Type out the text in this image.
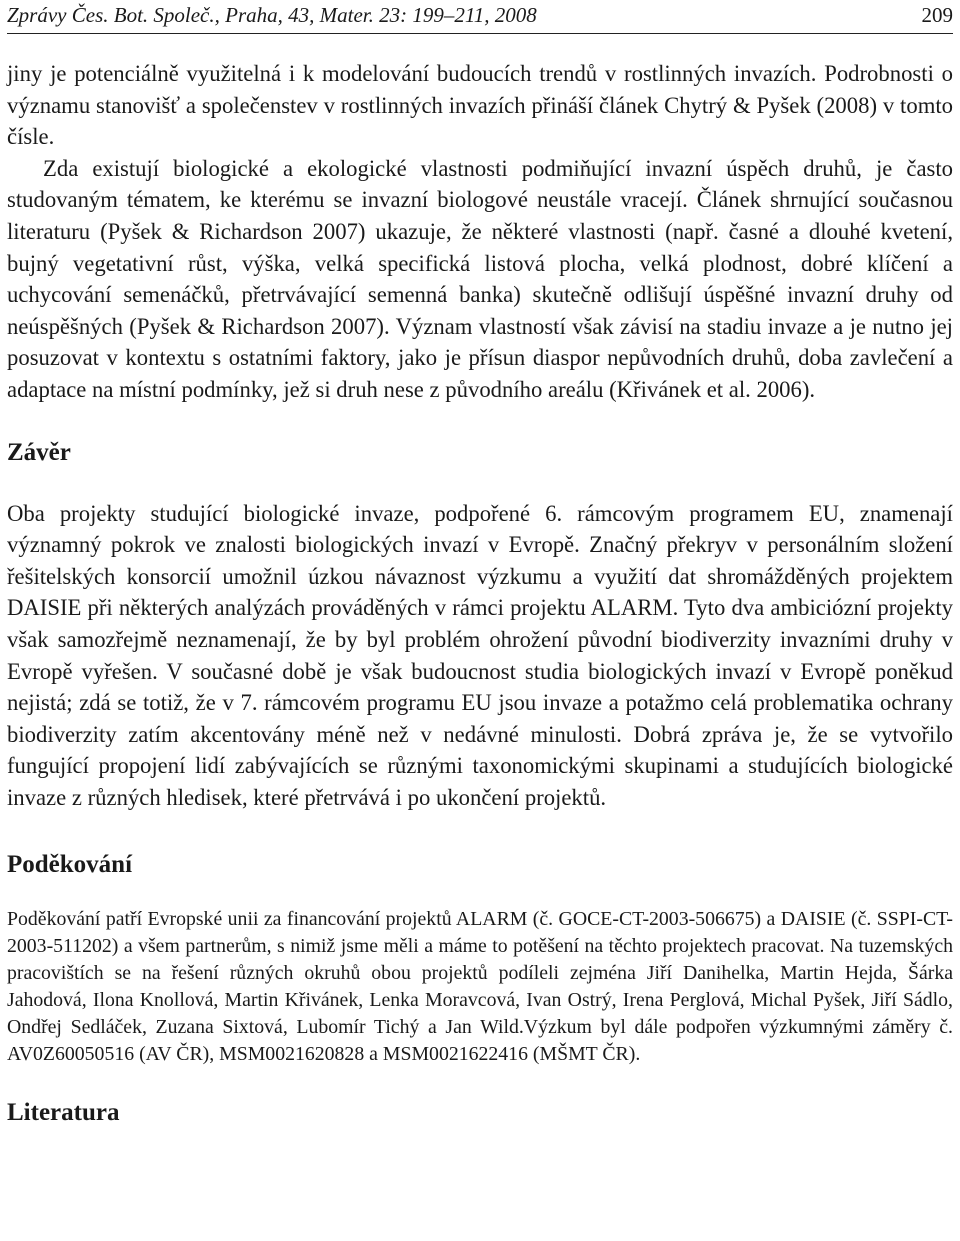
Zprávy Čes. Bot. Společ., Praha, 43, Mater. 23: 199–211, 2008	209

jiny je potenciálně využitelná i k modelování budoucích trendů v rostlinných invazích. Podrobnosti o významu stanovišť a společenstev v rostlinných invazích přináší článek Chytrý & Pyšek (2008) v tomto čísle.

Zda existují biologické a ekologické vlastnosti podmiňující invazní úspěch druhů, je často studovaným tématem, ke kterému se invazní biologové neustále vracejí. Článek shrnující současnou literaturu (Pyšek & Richardson 2007) ukazuje, že některé vlastnosti (např. časné a dlouhé kvetení, bujný vegetativní růst, výška, velká specifická listová plocha, velká plodnost, dobré klíčení a uchycování semenáčků, přetrvávající semenná banka) skutečně odlišují úspěšné invazní druhy od neúspěšných (Pyšek & Richardson 2007). Význam vlastností však závisí na stadiu invaze a je nutno jej posuzovat v kontextu s ostatními faktory, jako je přísun diaspor nepůvodních druhů, doba zavlečení a adaptace na místní podmínky, jež si druh nese z původního areálu (Křivánek et al. 2006).

Závěr

Oba projekty studující biologické invaze, podpořené 6. rámcovým programem EU, znamenají významný pokrok ve znalosti biologických invazí v Evropě. Značný překryv v personálním složení řešitelských konsorcií umožnil úzkou návaznost výzkumu a využití dat shromážděných projektem DAISIE při některých analýzách prováděných v rámci projektu ALARM. Tyto dva ambiciózní projekty však samozřejmě neznamenají, že by byl problém ohrožení původní biodiverzity invazními druhy v Evropě vyřešen. V současné době je však budoucnost studia biologických invazí v Evropě poněkud nejistá; zdá se totiž, že v 7. rámcovém programu EU jsou invaze a potažmo celá problematika ochrany biodiverzity zatím akcentovány méně než v nedávné minulosti. Dobrá zpráva je, že se vytvořilo fungující propojení lidí zabývajících se různými taxonomickými skupinami a studujících biologické invaze z různých hledisek, které přetrvává i po ukončení projektů.

Poděkování

Poděkování patří Evropské unii za financování projektů ALARM (č. GOCE-CT-2003-506675) a DAISIE (č. SSPI-CT-2003-511202) a všem partnerům, s nimiž jsme měli a máme to potěšení na těchto projektech pracovat. Na tuzemských pracovištích se na řešení různých okruhů obou projektů podíleli zejména Jiří Danihelka, Martin Hejda, Šárka Jahodová, Ilona Knollová, Martin Křivánek, Lenka Moravcová, Ivan Ostrý, Irena Perglová, Michal Pyšek, Jiří Sádlo, Ondřej Sedláček, Zuzana Sixtová, Lubomír Tichý a Jan Wild.Výzkum byl dále podpořen výzkumnými záměry č. AV0Z60050516 (AV ČR), MSM0021620828 a MSM0021622416 (MŠMT ČR).

Literatura
